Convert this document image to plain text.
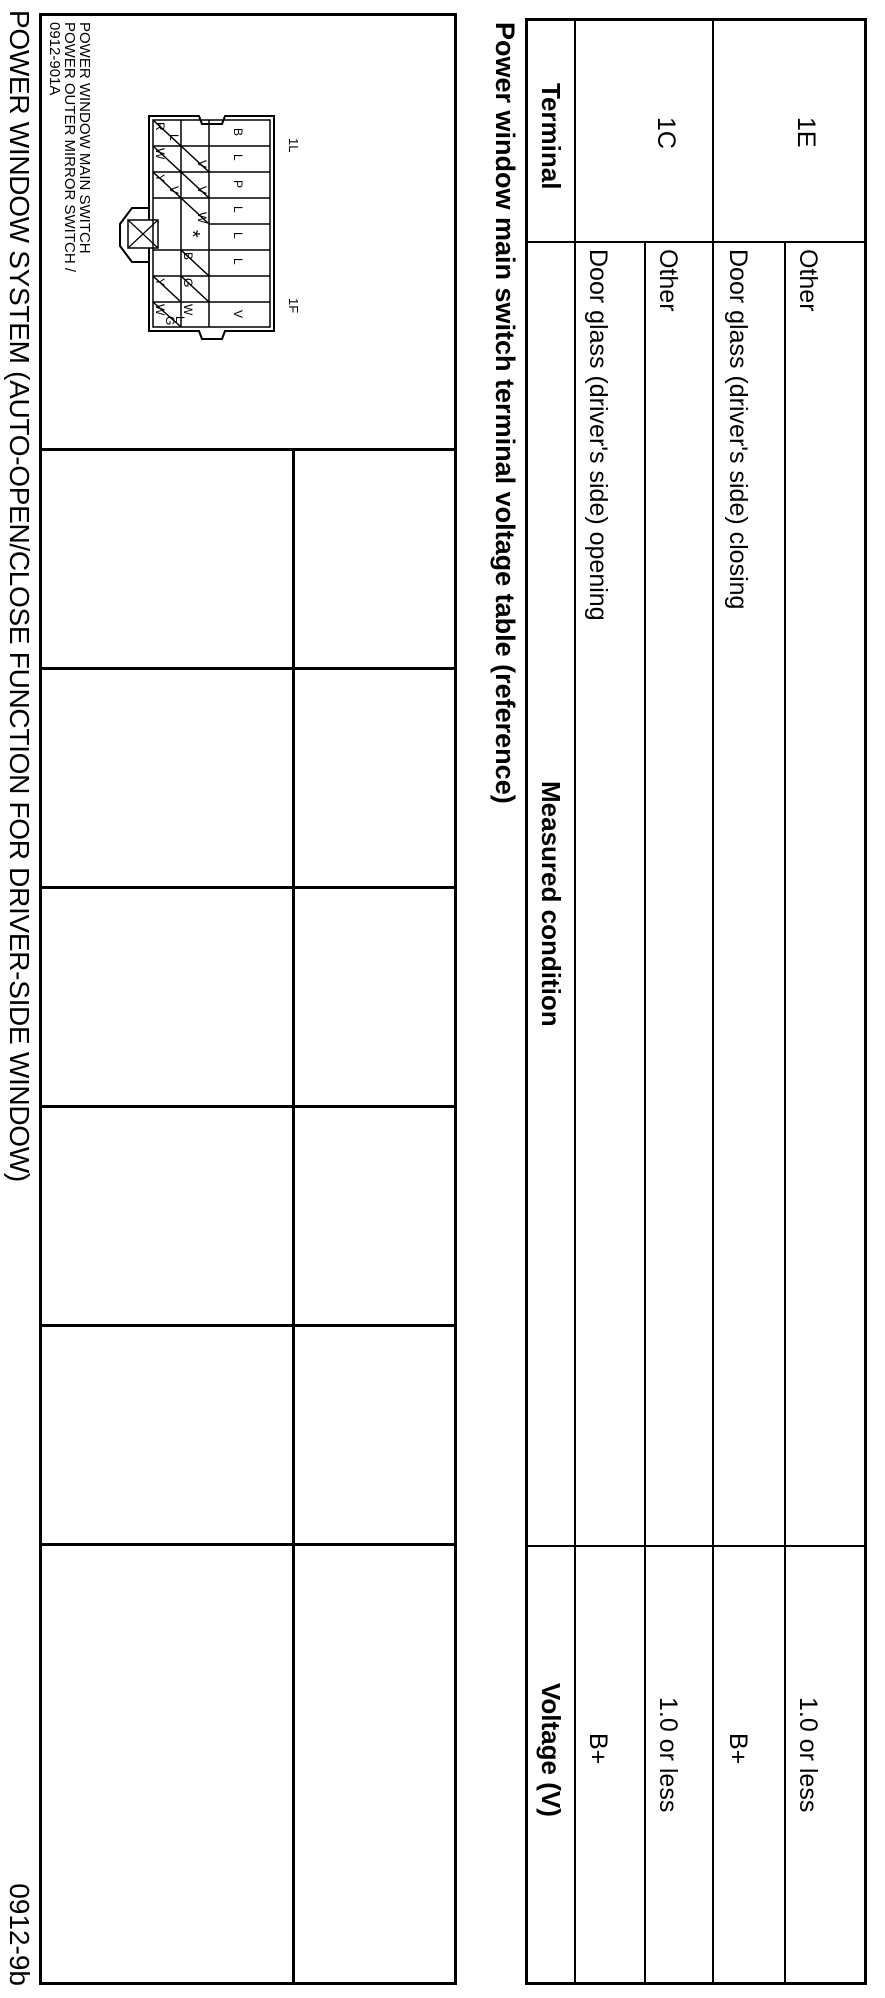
POWER WINDOW SYSTEM (AUTO-OPEN/CLOSE FUNCTION FOR DRIVER-SIDE WINDOW)
0912-9b
0912-901A
POWER OUTER MIRROR SWITCH /
POWER WINDOW MAIN SWITCH	R
W
Y
Y
W
G
L
V
L
V
V
W
B
G
W
B
L
P
L
L
L
V
*
1L
1F	Power window main switch terminal voltage table (reference) Terminal
Measured condition
Voltage (V)
1C
Door glass (driver's side) opening
B+
Other
1.0 or less
1E
Door glass (driver's side) closing
B+
Other
1.0 or less
